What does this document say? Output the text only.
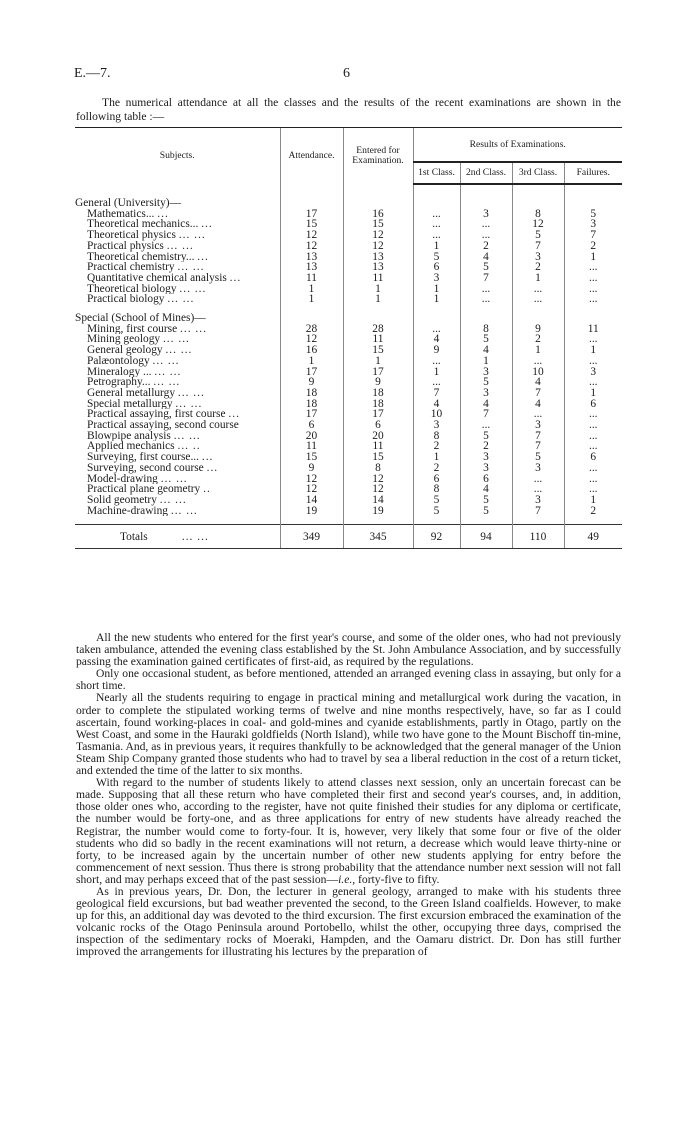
E.—7.	6

The numerical attendance at all the classes and the results of the recent examinations are shown in the following table :—

Subjects.	Attendance.	Entered for Examination.	Results of Examinations.			
			1st Class.	2nd Class.	3rd Class.	Failures.

General (University)—						
Mathematics... ...	17	16	...	3	8	5
Theoretical mechanics... ...	15	15	...	...	12	3
Theoretical physics ... ...	12	12	...	...	5	7
Practical physics ... ...	12	12	1	2	7	2
Theoretical chemistry... ...	13	13	5	4	3	1
Practical chemistry ... ...	13	13	6	5	2	...
Quantitative chemical analysis ...	11	11	3	7	1	...
Theoretical biology ... ...	1	1	1	...	...	...
Practical biology ... ...	1	1	1	...	...	...

Special (School of Mines)—						
Mining, first course ... ...	28	28	...	8	9	11
Mining geology ... ...	12	11	4	5	2	...
General geology ... ...	16	15	9	4	1	1
Palæontology ... ...	1	1	...	1	...	...
Mineralogy ... ... ...	17	17	1	3	10	3
Petrography... ... ...	9	9	...	5	4	...
General metallurgy ... ...	18	18	7	3	7	1
Special metallurgy ... ...	18	18	4	4	4	6
Practical assaying, first course ...	17	17	10	7	...	...
Practical assaying, second course	6	6	3	...	3	...
Blowpipe analysis ... ...	20	20	8	5	7	...
Applied mechanics ... ..	11	11	2	2	7	...
Surveying, first course... ...	15	15	1	3	5	6
Surveying, second course ...	9	8	2	3	3	...
Model-drawing ... ...	12	12	6	6	...	...
Practical plane geometry ..	12	12	8	4	...	...
Solid geometry ... ...	14	14	5	5	3	1
Machine-drawing ... ...	19	19	5	5	7	2

Totals ... ...	349	345	92	94	110	49

All the new students who entered for the first year's course, and some of the older ones, who had not previously taken ambulance, attended the evening class established by the St. John Ambulance Association, and by successfully passing the examination gained certificates of first-aid, as required by the regulations.

Only one occasional student, as before mentioned, attended an arranged evening class in assaying, but only for a short time.

Nearly all the students requiring to engage in practical mining and metallurgical work during the vacation, in order to complete the stipulated working terms of twelve and nine months respectively, have, so far as I could ascertain, found working-places in coal- and gold-mines and cyanide establishments, partly in Otago, partly on the West Coast, and some in the Hauraki goldfields (North Island), while two have gone to the Mount Bischoff tin-mine, Tasmania. And, as in previous years, it requires thankfully to be acknowledged that the general manager of the Union Steam Ship Company granted those students who had to travel by sea a liberal reduction in the cost of a return ticket, and extended the time of the latter to six months.

With regard to the number of students likely to attend classes next session, only an uncertain forecast can be made. Supposing that all these return who have completed their first and second year's courses, and, in addition, those older ones who, according to the register, have not quite finished their studies for any diploma or certificate, the number would be forty-one, and as three applications for entry of new students have already reached the Registrar, the number would come to forty-four. It is, however, very likely that some four or five of the older students who did so badly in the recent examinations will not return, a decrease which would leave thirty-nine or forty, to be increased again by the uncertain number of other new students applying for entry before the commencement of next session. Thus there is strong probability that the attendance number next session will not fall short, and may perhaps exceed that of the past session—i.e., forty-five to fifty.

As in previous years, Dr. Don, the lecturer in general geology, arranged to make with his students three geological field excursions, but bad weather prevented the second, to the Green Island coalfields. However, to make up for this, an additional day was devoted to the third excursion. The first excursion embraced the examination of the volcanic rocks of the Otago Peninsula around Portobello, whilst the other, occupying three days, comprised the inspection of the sedimentary rocks of Moeraki, Hampden, and the Oamaru district. Dr. Don has still further improved the arrangements for illustrating his lectures by the preparation of
